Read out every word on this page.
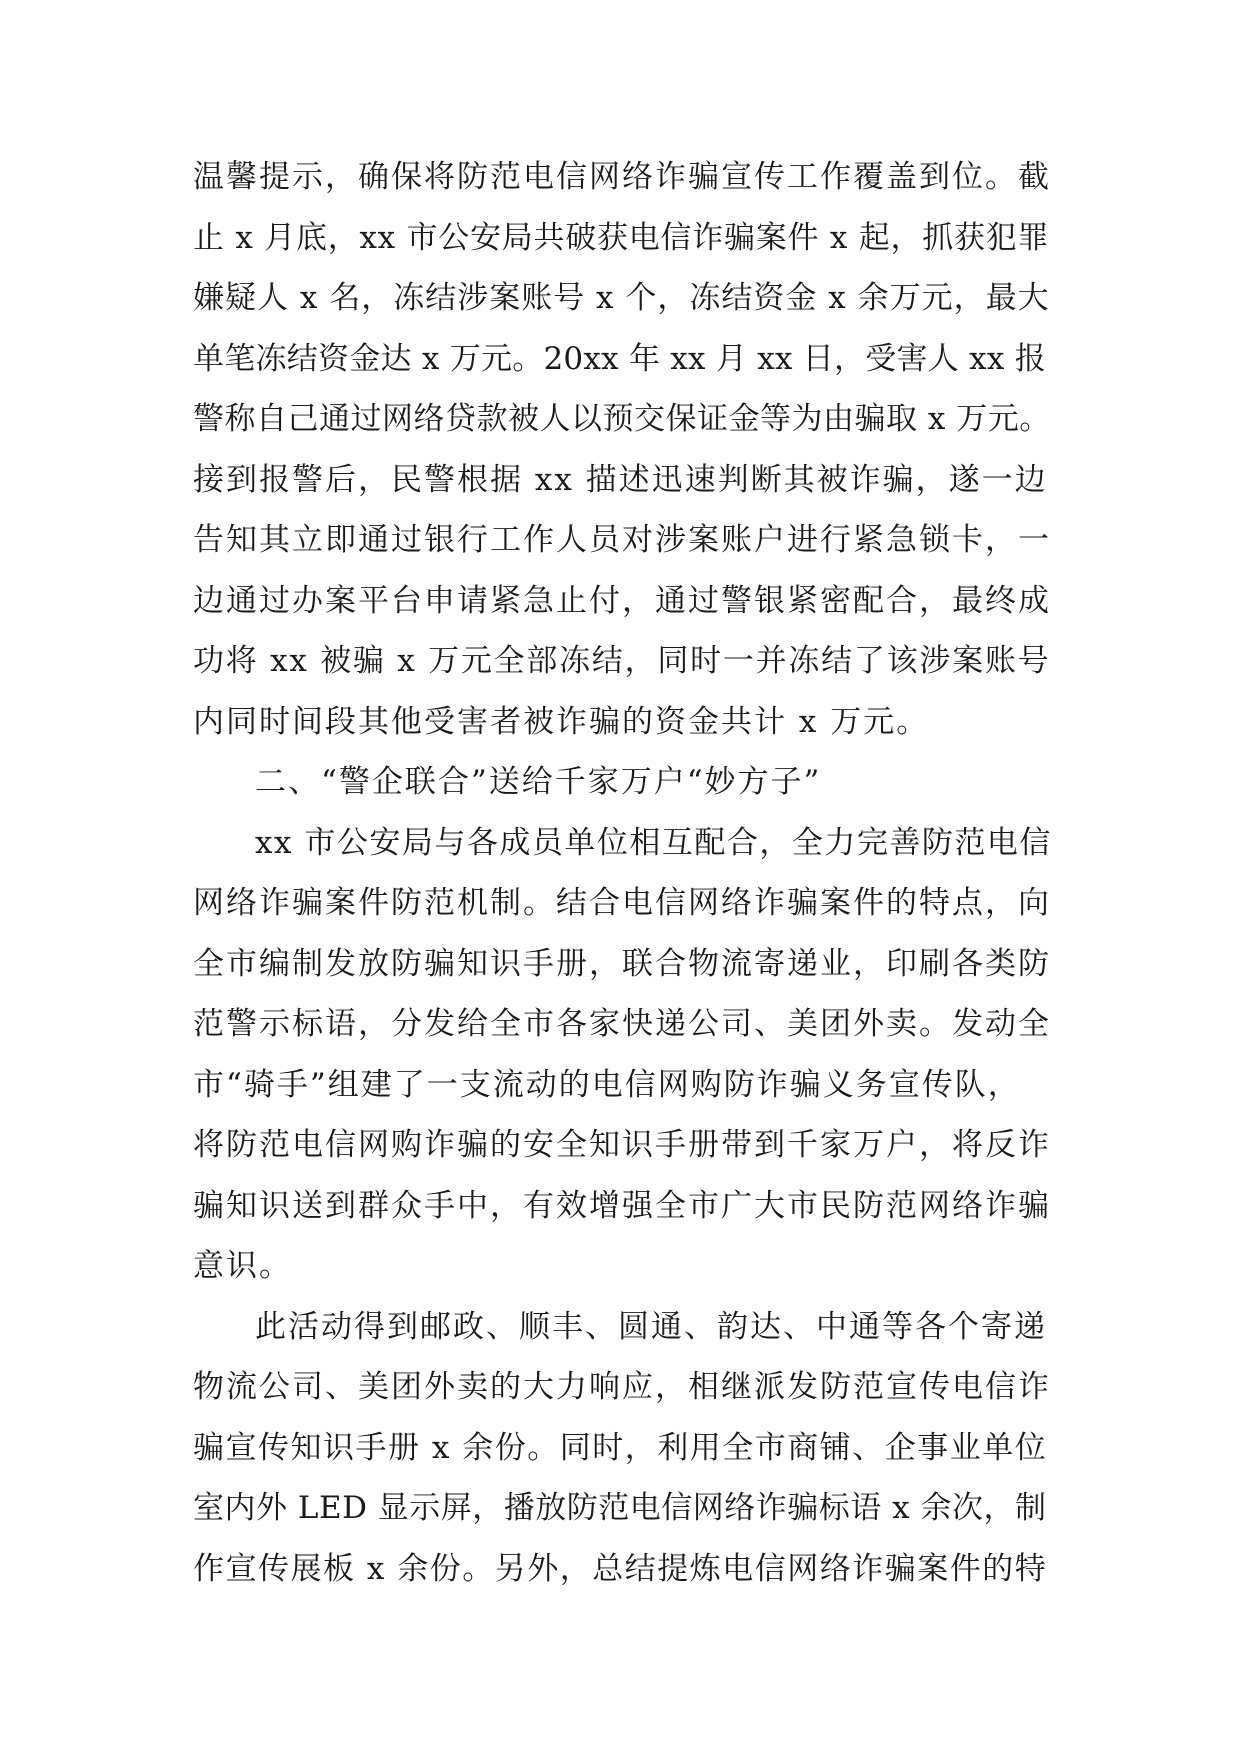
温馨提示，确保将防范电信网络诈骗宣传工作覆盖到位。截
止 x 月底，xx 市公安局共破获电信诈骗案件 x 起，抓获犯罪
嫌疑人 x 名，冻结涉案账号 x 个，冻结资金 x 余万元，最大
单笔冻结资金达 x 万元。20xx 年 xx 月 xx 日，受害人 xx 报
警称自己通过网络贷款被人以预交保证金等为由骗取 x 万元。
接到报警后，民警根据 xx 描述迅速判断其被诈骗，遂一边
告知其立即通过银行工作人员对涉案账户进行紧急锁卡，一
边通过办案平台申请紧急止付，通过警银紧密配合，最终成
功将 xx 被骗 x 万元全部冻结，同时一并冻结了该涉案账号
内同时间段其他受害者被诈骗的资金共计 x 万元。
二、“警企联合”送给千家万户“妙方子”
xx 市公安局与各成员单位相互配合，全力完善防范电信
网络诈骗案件防范机制。结合电信网络诈骗案件的特点，向
全市编制发放防骗知识手册，联合物流寄递业，印刷各类防
范警示标语，分发给全市各家快递公司、美团外卖。发动全
市“骑手”组建了一支流动的电信网购防诈骗义务宣传队，
将防范电信网购诈骗的安全知识手册带到千家万户，将反诈
骗知识送到群众手中，有效增强全市广大市民防范网络诈骗
意识。
此活动得到邮政、顺丰、圆通、韵达、中通等各个寄递
物流公司、美团外卖的大力响应，相继派发防范宣传电信诈
骗宣传知识手册 x 余份。同时，利用全市商铺、企事业单位
室内外 LED 显示屏，播放防范电信网络诈骗标语 x 余次，制
作宣传展板 x 余份。另外，总结提炼电信网络诈骗案件的特
